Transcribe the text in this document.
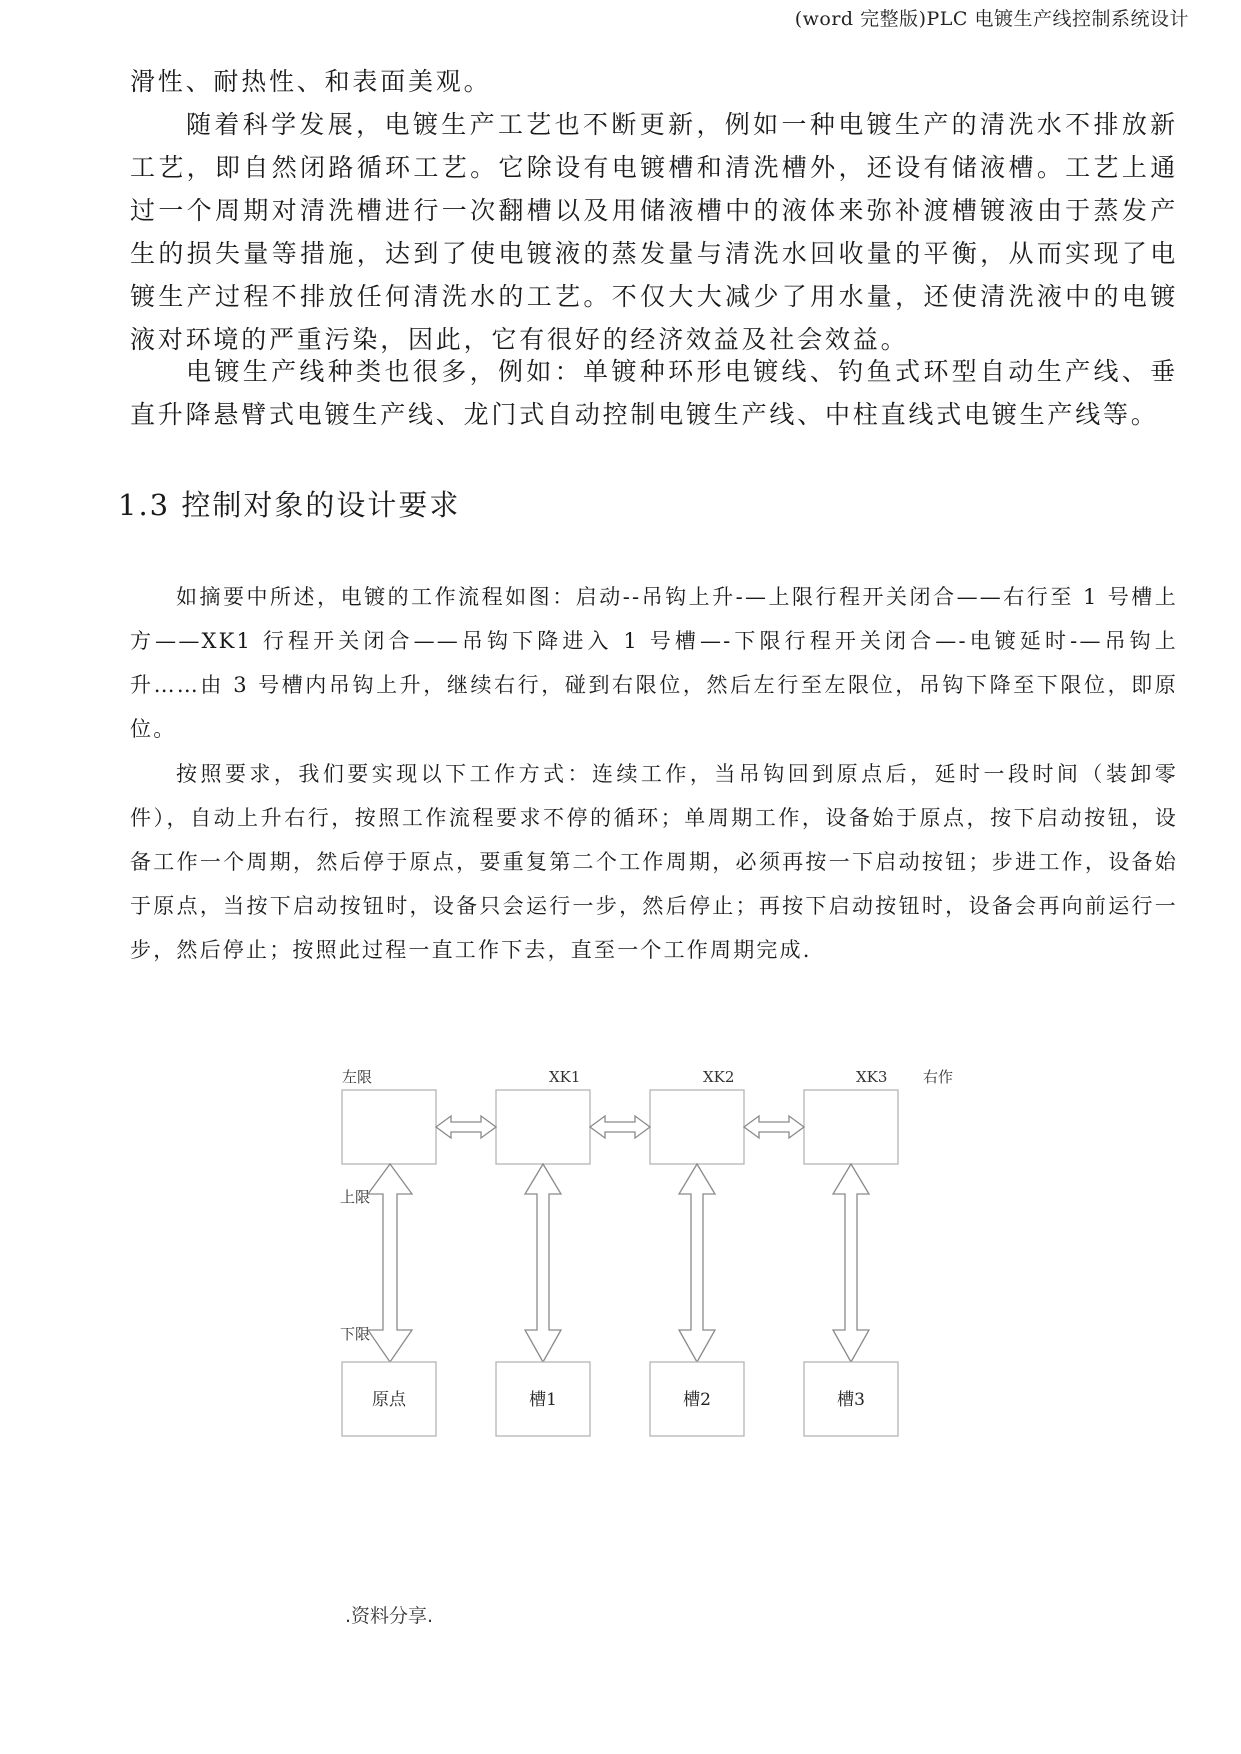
(word 完整版)PLC 电镀生产线控制系统设计

滑性、耐热性、和表面美观。

随着科学发展，电镀生产工艺也不断更新，例如一种电镀生产的清洗水不排放新工艺，即自然闭路循环工艺。它除设有电镀槽和清洗槽外，还设有储液槽。工艺上通过一个周期对清洗槽进行一次翻槽以及用储液槽中的液体来弥补渡槽镀液由于蒸发产生的损失量等措施，达到了使电镀液的蒸发量与清洗水回收量的平衡，从而实现了电镀生产过程不排放任何清洗水的工艺。不仅大大减少了用水量，还使清洗液中的电镀液对环境的严重污染，因此，它有很好的经济效益及社会效益。

电镀生产线种类也很多，例如：单镀种环形电镀线、钓鱼式环型自动生产线、垂直升降悬臂式电镀生产线、龙门式自动控制电镀生产线、中柱直线式电镀生产线等。

1.3 控制对象的设计要求

如摘要中所述，电镀的工作流程如图：启动--吊钩上升-—上限行程开关闭合——右行至 1 号槽上方——XK1 行程开关闭合——吊钩下降进入 1 号槽—-下限行程开关闭合—-电镀延时-—吊钩上升……由 3 号槽内吊钩上升，继续右行，碰到右限位，然后左行至左限位，吊钩下降至下限位，即原位。

按照要求，我们要实现以下工作方式：连续工作，当吊钩回到原点后，延时一段时间（装卸零件），自动上升右行，按照工作流程要求不停的循环；单周期工作，设备始于原点，按下启动按钮，设备工作一个周期，然后停于原点，要重复第二个工作周期，必须再按一下启动按钮；步进工作，设备始于原点，当按下启动按钮时，设备只会运行一步，然后停止；再按下启动按钮时，设备会再向前运行一步，然后停止；按照此过程一直工作下去，直至一个工作周期完成.

左限	XK1	XK2	XK3 右作
上限
下限
原点	槽1	槽2	槽3
.资料分享.
